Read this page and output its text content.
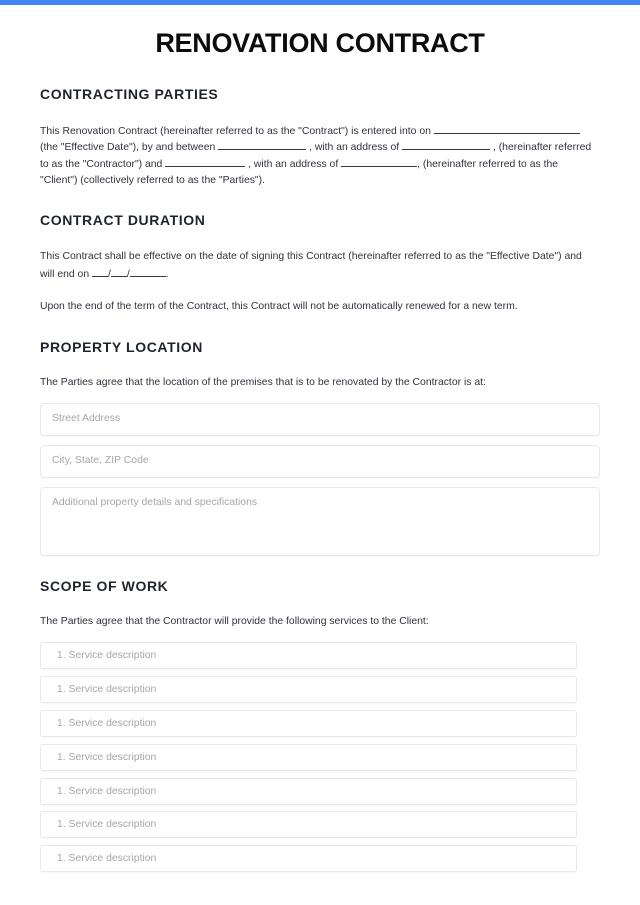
RENOVATION CONTRACT
CONTRACTING PARTIES
This Renovation Contract (hereinafter referred to as the "Contract") is entered into on
(the "Effective Date"), by and between	, with an address of	, (hereinafter referred
to as the "Contractor") and	, with an address of	, (hereinafter referred to as the
"Client") (collectively referred to as the "Parties").
CONTRACT DURATION
This Contract shall be effective on the date of signing this Contract (hereinafter referred to as the "Effective Date") and
will end on / /	.
Upon the end of the term of the Contract, this Contract will not be automatically renewed for a new term.
PROPERTY LOCATION
The Parties agree that the location of the premises that is to be renovated by the Contractor is at:
Street Address
City, State, ZIP Code
Additional property details and specifications
SCOPE OF WORK
The Parties agree that the Contractor will provide the following services to the Client:
1. Service description
1. Service description
1. Service description
1. Service description
1. Service description
1. Service description
1. Service description
